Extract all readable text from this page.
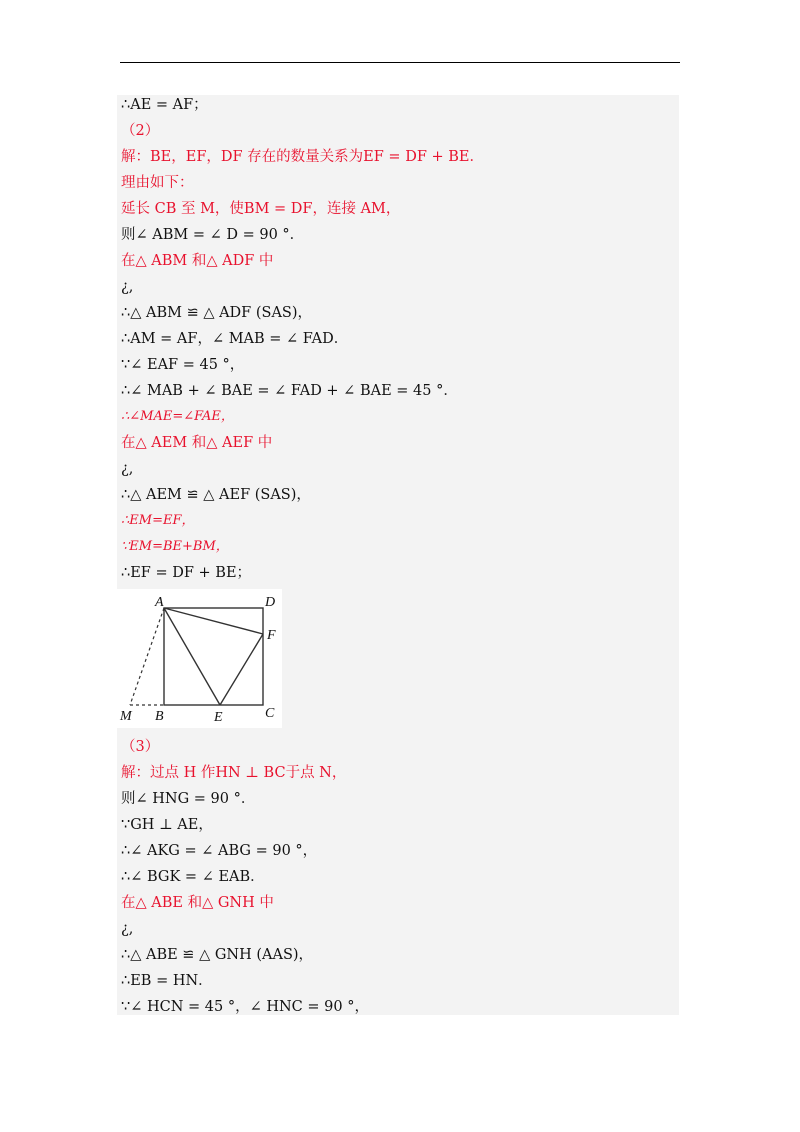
∴AE = AF；
（2）
解：BE，EF，DF 存在的数量关系为EF = DF + BE．
理由如下：
延长 CB 至 M，使BM = DF，连接 AM，
则∠ ABM = ∠ D = 90 °．
在△ ABM 和△ ADF 中
¿,
∴△ ABM ≌ △ ADF (SAS)，
∴AM = AF，∠ MAB = ∠ FAD．
∵∠ EAF = 45 °，
∴∠ MAB + ∠ BAE = ∠ FAD + ∠ BAE = 45 °．
∴∠MAE=∠FAE，
在△ AEM 和△ AEF 中
¿,
∴△ AEM ≌ △ AEF (SAS)，
∴EM=EF，
∵EM=BE+BM，
∴EF = DF + BE；
（3）
解：过点 H 作HN ⊥ BC于点 N，
则∠ HNG = 90 °．
∵GH ⊥ AE，
∴∠ AKG = ∠ ABG = 90 °，
∴∠ BGK = ∠ EAB．
在△ ABE 和△ GNH 中
¿,
∴△ ABE ≌ △ GNH (AAS)，
∴EB = HN．
∵∠ HCN = 45 °，∠ HNC = 90 °，
A	D
F
M B	E	C
